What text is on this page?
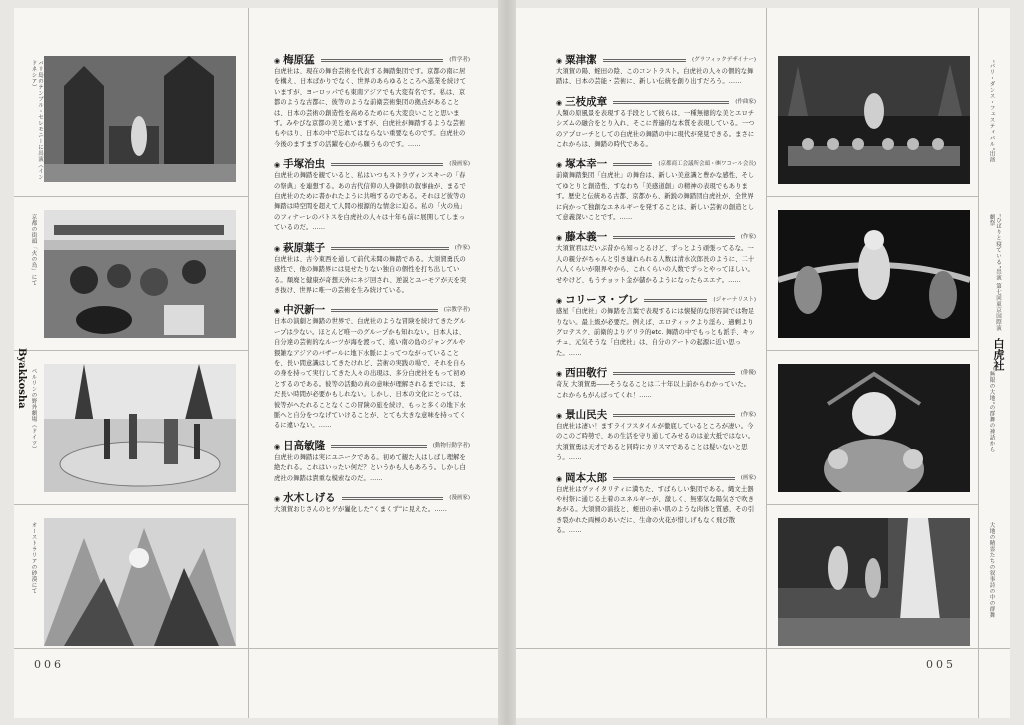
バリ島のテンプル・セレモニーに出演（インドネシア）
京都の街頭「火の鳥」にて
ベルリンの野外劇場（ドイツ）
オーストラリアの砂漠にて
◉ 梅原猛	(哲学者)
白虎社は、現在の舞台芸術を代表する舞踏集団です。京都の南に居を構え、日本ばかりでなく、世界のあらゆるところへ巡業を続けていますが、ヨーロッパでも東南アジアでも大変有名です。私は、京都のような古都に、彼等のような前衛芸術集団の拠点があることは、日本の芸術の創造性を高めるためにも大変良いことと思います。みやびな京都の美と違いますが、白虎社が舞踏するような芸術もやはり、日本の中で忘れてはならない重要なものです。白虎社の今後のますますの活躍を心から願うものです。……
◉ 手塚治虫	(漫画家)
白虎社の舞踏を観ていると、私はいつもストラヴィンスキーの「春の祭典」を連想する。あの古代信仰の人身御供の叙事曲が、まるで白虎社のために書かれたように共鳴するのである。それほど彼等の舞踏は時空間を超えて人間の根源的な情念に迫る。私の「火の鳥」のフィナーレのパトスを白虎社の人々は十年も前に展開してしまっているのだ。……
◉ 萩原葉子	(作家)
白虎社は、古今東西を通して前代未聞の舞踏である。大須賀勇氏の感性で、他の舞踏界には見せたりない独自の個性を打ち出している。頽廃と健康が奇想天外にネジ回され、逆説とユーモアが天を突き抜け、世界に唯一の芸術を生み続けている。
◉ 中沢新一	(宗教学者)
日本の演劇と舞踏の世界で、白虎社のような冒険を続けてきたグループは少ない。ほとんど唯一のグループかも知れない。日本人は、自分達の芸術的なルーツが海を渡って、遠い南の島のジャングルや猥雑なアジアのバザールに地下水脈によってつながっていることを、長い間意識はしてきたけれど、芸術の実践の場で、それを自らの身を持って実行してきた人々の出現は、多分白虎社をもって初めとするのである。彼等の活動の真の意味が理解されるまでには、まだ長い時間が必要かもしれない。しかし、日本の文化にとっては、彼等がへたれることなくこの冒険の旅を続け、もっと多くの地下水脈へと自分をつなげていけることが、とても大きな意味を持ってくるに違いない。……
◉ 日高敏隆	(動物行動学者)
白虎社の舞踏は実にユニークである。初めて観た人はしばし理解を絶たれる。これはいったい何だ？というかも人もあろう。しかし白虎社の舞踏は貴重な模索なのだ。……
◉ 水木しげる	(漫画家)
大須賀おじさんのヒゲが鬘化した“くまくず”に見えた。……
Byakkosha
006
◉ 粟津潔	(グラフィックデザイナー)
大須賀の陽、蛭田の陰、このコントラスト。白虎社の人々の個的な舞踏は、日本の芸能・芸術に、新しい伝統を創り出すだろう。……
◉ 三枝成章	(作曲家)
人類の原風景を表現する手段として彼らは、一種無徳的な美とエロチシズムの融合をとり入れ、そこに普遍的な本質を表現している。一つのアプローチとしての白虎社の舞踏の中に現代が発見できる。まさにこれからは、舞踏の時代である。
◉ 塚本幸一	(京都商工会議所会頭・㈱ワコール会長)
前衛舞踏集団「白虎社」の舞台は、新しい美意識と豊かな感性、そしてゆとりと創造性、すなわち「美感道創」の精神の表現でもあります。歴史と伝統ある古都、京都から、新鋭の舞踏団白虎社が、全世界に向かって独創なエネルギーを発することは、新しい芸術の創造として意義深いことです。……
◉ 藤本義一	(作家)
大須賀君はだいぶ昔から知っとるけど、ずっとよう頑張ってるな。一人の親分がちゃんと引き連れられる人数は清水次郎長のように、二十八人くらいが限界やから、これくらいの人数でずっとやってほしい。せやけど、もうチョット金が儲かるようになったらエエナ。……
◉ コリーヌ・ブレ	(ジャーナリスト)
感星「白虎社」の舞踏を言葉で表現するには懐疑的な形容詞では物足りない。最上級が必要だ。例えば、エロティックより淫ら、過剰よりグロテスク、前衛的よりゲリラ的etc. 舞踏の中でもっとも派手、キッチュ、元気そうな「白虎社」は、自分のアートの起源に近い思った。……
◉ 西田敬行	(俳優)
奇友 大須賀勇――そうなることは二十年以上前からわかっていた。これからもがんばってくれ！……
◉ 景山民夫	(作家)
白虎社は凄い！ますライフスタイルが徹底しているところが凄い。今のこのご時勢で、あの生活を守り通してみせるのは並大抵ではない。大須賀勇は天才であると同時にカリスマであることは疑いないと思う。……
◉ 岡本太郎	(画家)
白虎社はヴァイタリティに満ちた、すばらしい集団である。縄文土器や村祭に通じる土着のエネルギーが、激しく、無邪気な陽気さで吹きあがる。大須賀の演技と、蛭田の赤い肌のような肉体と質感、その引き裂かれた両極のあいだに、生命の火花が惜しげもなく飛び散る。……
“パリ・ダンス・フェスティバル”出演
“ひばりと寝ている”出演 第七回東京国際演劇祭
“無限の大地”の群舞の神話から
大地の精霊たちの叙事詩の中の群舞
白虎社
005
